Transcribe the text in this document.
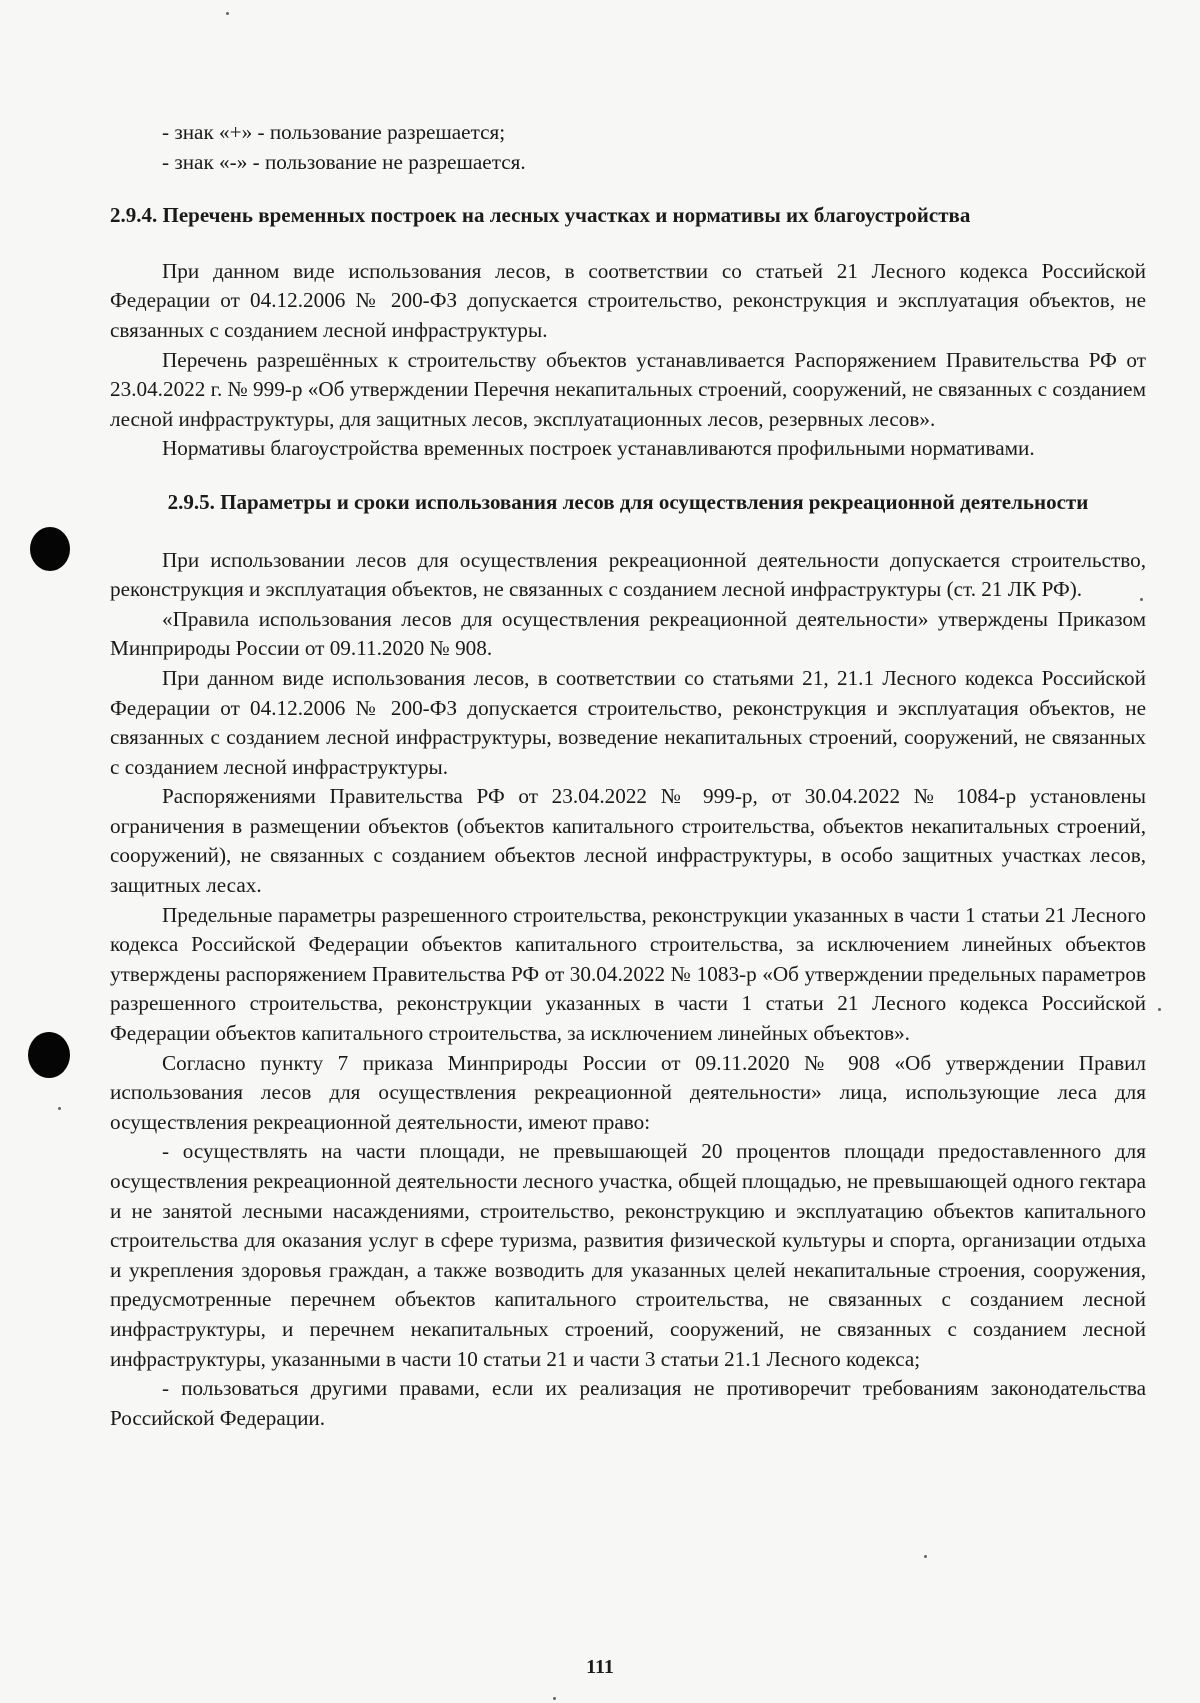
- знак «+» - пользование разрешается;

- знак «-» - пользование не разрешается.

2.9.4. Перечень временных построек на лесных участках и нормативы их благоустройства

При данном виде использования лесов, в соответствии со статьей 21 Лесного кодекса Российской Федерации от 04.12.2006 № 200-ФЗ допускается строительство, реконструкция и эксплуатация объектов, не связанных с созданием лесной инфраструктуры.

Перечень разрешённых к строительству объектов устанавливается Распоряжением Правительства РФ от 23.04.2022 г. № 999-р «Об утверждении Перечня некапитальных строений, сооружений, не связанных с созданием лесной инфраструктуры, для защитных лесов, эксплуатационных лесов, резервных лесов».

Нормативы благоустройства временных построек устанавливаются профильными нормативами.

2.9.5. Параметры и сроки использования лесов для осуществления рекреационной деятельности

При использовании лесов для осуществления рекреационной деятельности допускается строительство, реконструкция и эксплуатация объектов, не связанных с созданием лесной инфраструктуры (ст. 21 ЛК РФ).

«Правила использования лесов для осуществления рекреационной деятельности» утверждены Приказом Минприроды России от 09.11.2020 № 908.

При данном виде использования лесов, в соответствии со статьями 21, 21.1 Лесного кодекса Российской Федерации от 04.12.2006 № 200-ФЗ допускается строительство, реконструкция и эксплуатация объектов, не связанных с созданием лесной инфраструктуры, возведение некапитальных строений, сооружений, не связанных с созданием лесной инфраструктуры.

Распоряжениями Правительства РФ от 23.04.2022 № 999-р, от 30.04.2022 № 1084-р установлены ограничения в размещении объектов (объектов капитального строительства, объектов некапитальных строений, сооружений), не связанных с созданием объектов лесной инфраструктуры, в особо защитных участках лесов, защитных лесах.

Предельные параметры разрешенного строительства, реконструкции указанных в части 1 статьи 21 Лесного кодекса Российской Федерации объектов капитального строительства, за исключением линейных объектов утверждены распоряжением Правительства РФ от 30.04.2022 № 1083-р «Об утверждении предельных параметров разрешенного строительства, реконструкции указанных в части 1 статьи 21 Лесного кодекса Российской Федерации объектов капитального строительства, за исключением линейных объектов».

Согласно пункту 7 приказа Минприроды России от 09.11.2020 № 908 «Об утверждении Правил использования лесов для осуществления рекреационной деятельности» лица, использующие леса для осуществления рекреационной деятельности, имеют право:

- осуществлять на части площади, не превышающей 20 процентов площади предоставленного для осуществления рекреационной деятельности лесного участка, общей площадью, не превышающей одного гектара и не занятой лесными насаждениями, строительство, реконструкцию и эксплуатацию объектов капитального строительства для оказания услуг в сфере туризма, развития физической культуры и спорта, организации отдыха и укрепления здоровья граждан, а также возводить для указанных целей некапитальные строения, сооружения, предусмотренные перечнем объектов капитального строительства, не связанных с созданием лесной инфраструктуры, и перечнем некапитальных строений, сооружений, не связанных с созданием лесной инфраструктуры, указанными в части 10 статьи 21 и части 3 статьи 21.1 Лесного кодекса;

- пользоваться другими правами, если их реализация не противоречит требованиям законодательства Российской Федерации.

111
